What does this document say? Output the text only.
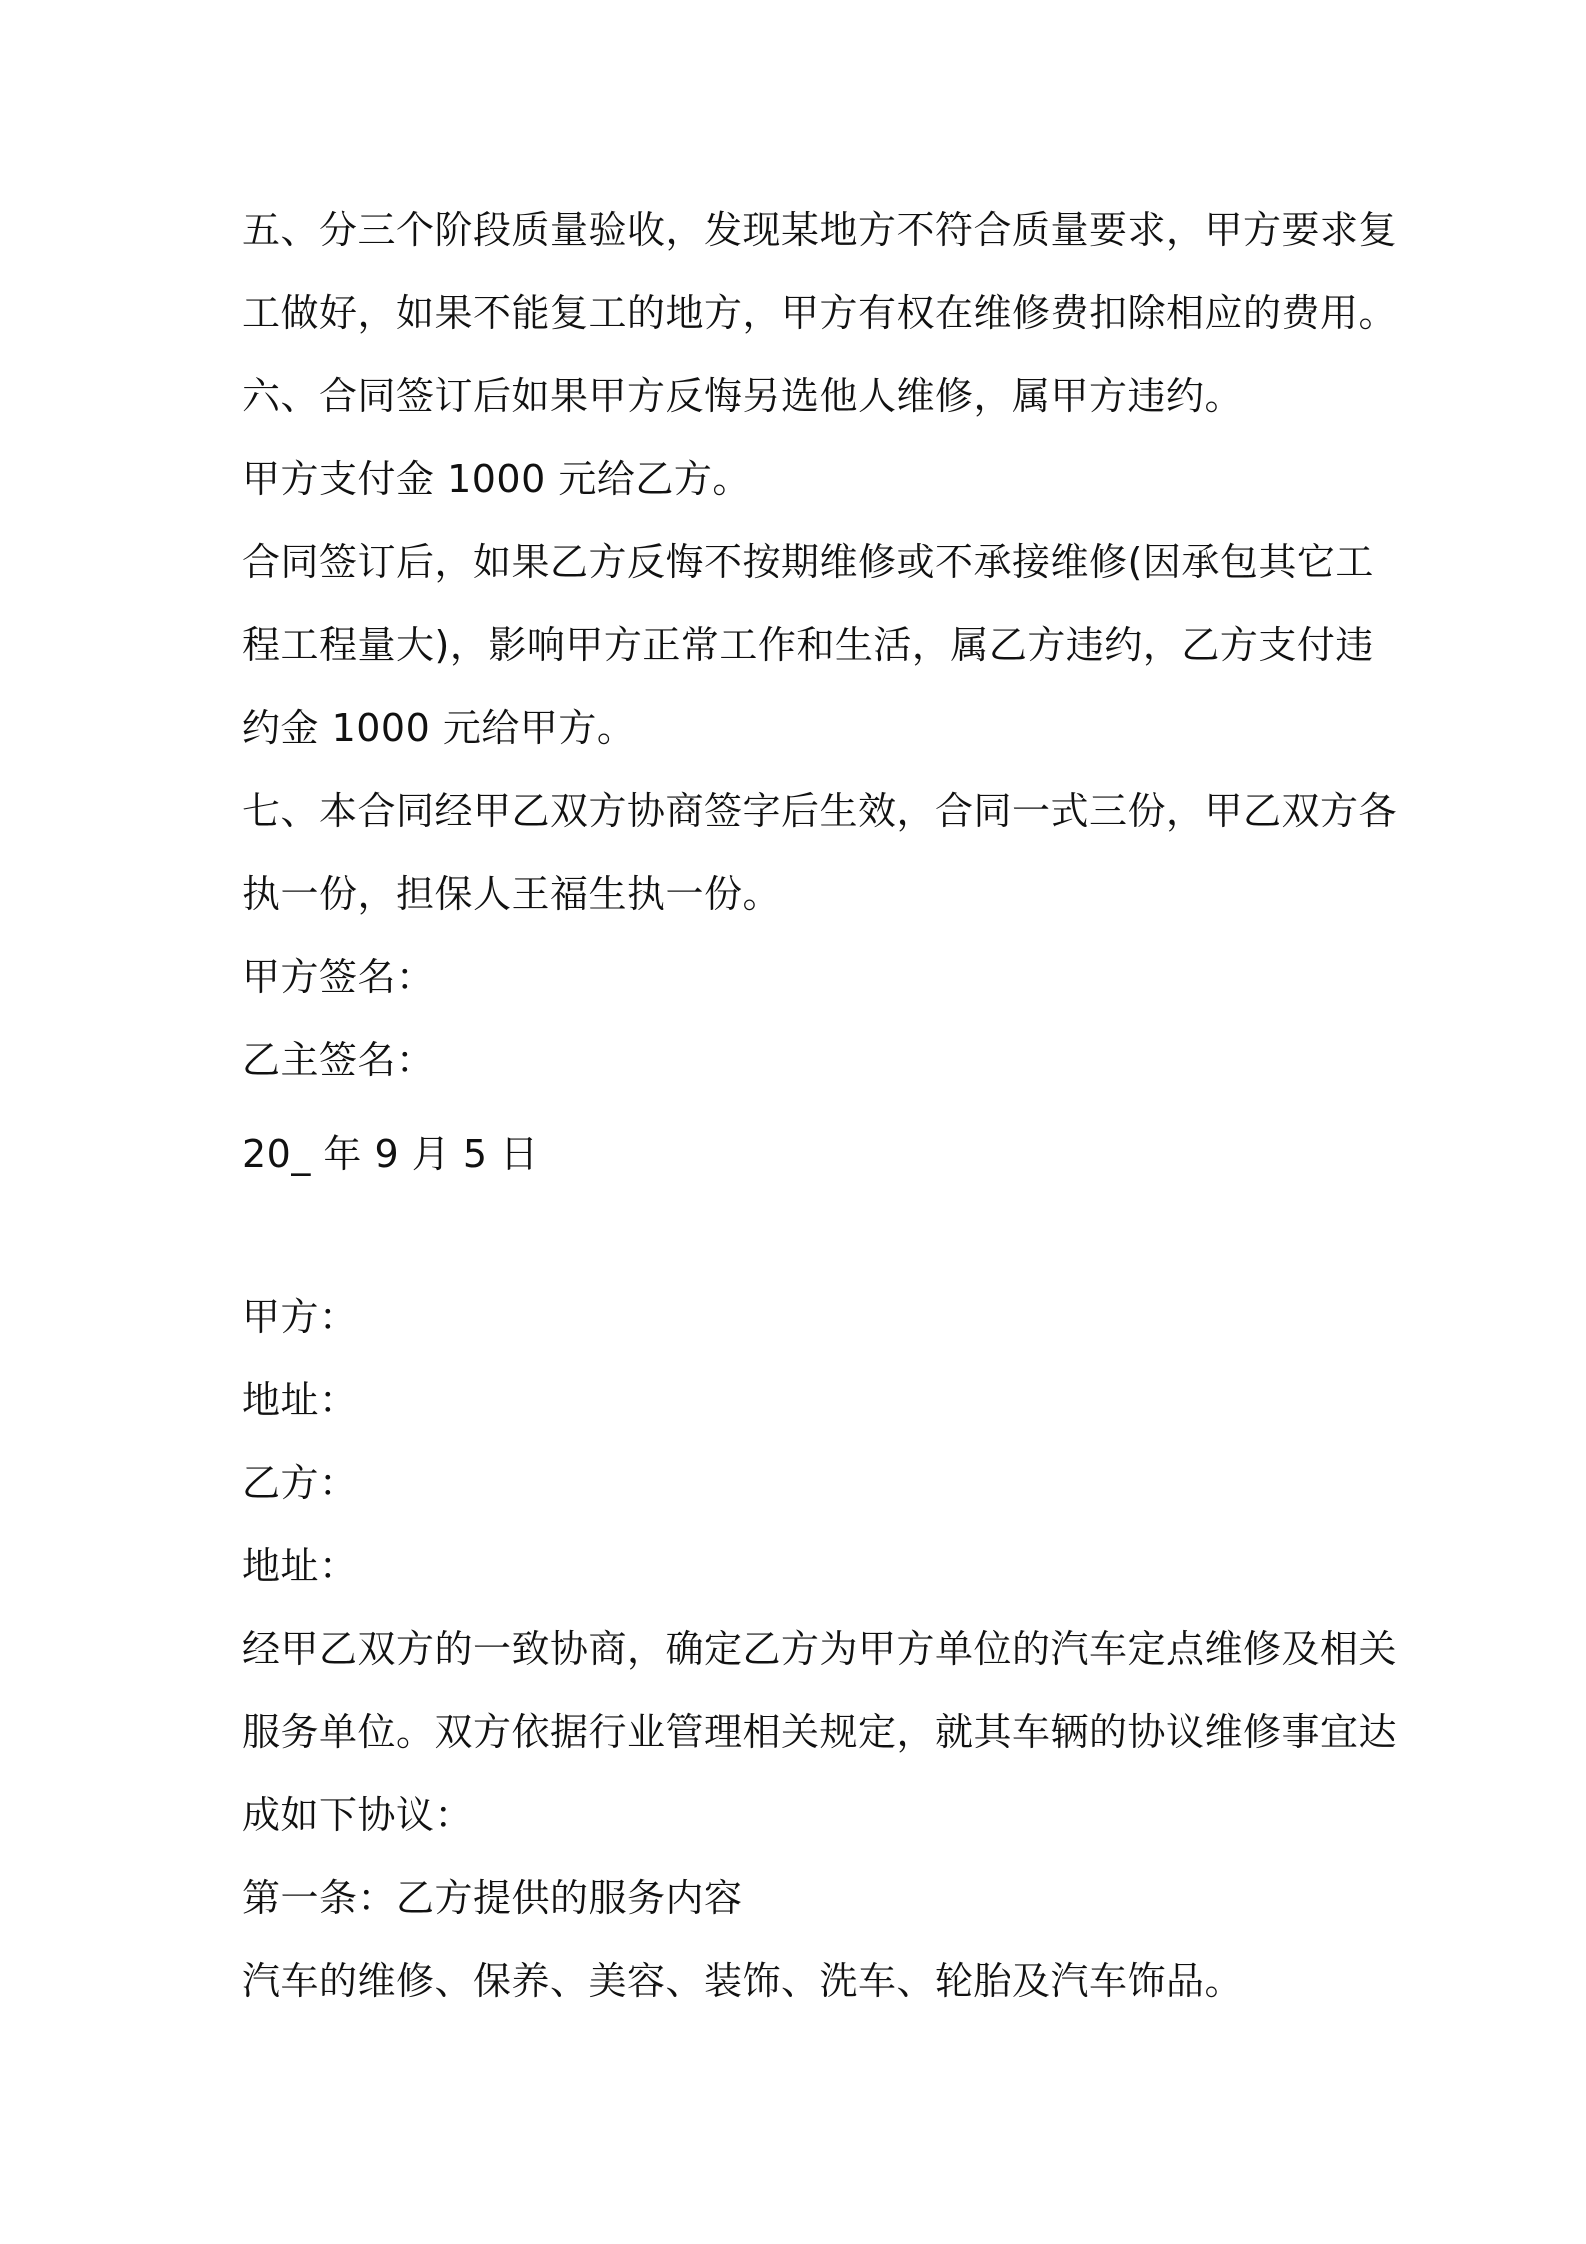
五、分三个阶段质量验收，发现某地方不符合质量要求，甲方要求复
工做好，如果不能复工的地方，甲方有权在维修费扣除相应的费用。
六、合同签订后如果甲方反悔另选他人维修，属甲方违约。
甲方支付金 1000 元给乙方。
合同签订后，如果乙方反悔不按期维修或不承接维修(因承包其它工
程工程量大)，影响甲方正常工作和生活，属乙方违约，乙方支付违
约金 1000 元给甲方。
七、本合同经甲乙双方协商签字后生效，合同一式三份，甲乙双方各
执一份，担保人王福生执一份。
甲方签名：
乙主签名：
20_ 年 9 月 5 日
甲方：
地址：
乙方：
地址：
经甲乙双方的一致协商，确定乙方为甲方单位的汽车定点维修及相关
服务单位。双方依据行业管理相关规定，就其车辆的协议维修事宜达
成如下协议：
第一条：乙方提供的服务内容
汽车的维修、保养、美容、装饰、洗车、轮胎及汽车饰品。
